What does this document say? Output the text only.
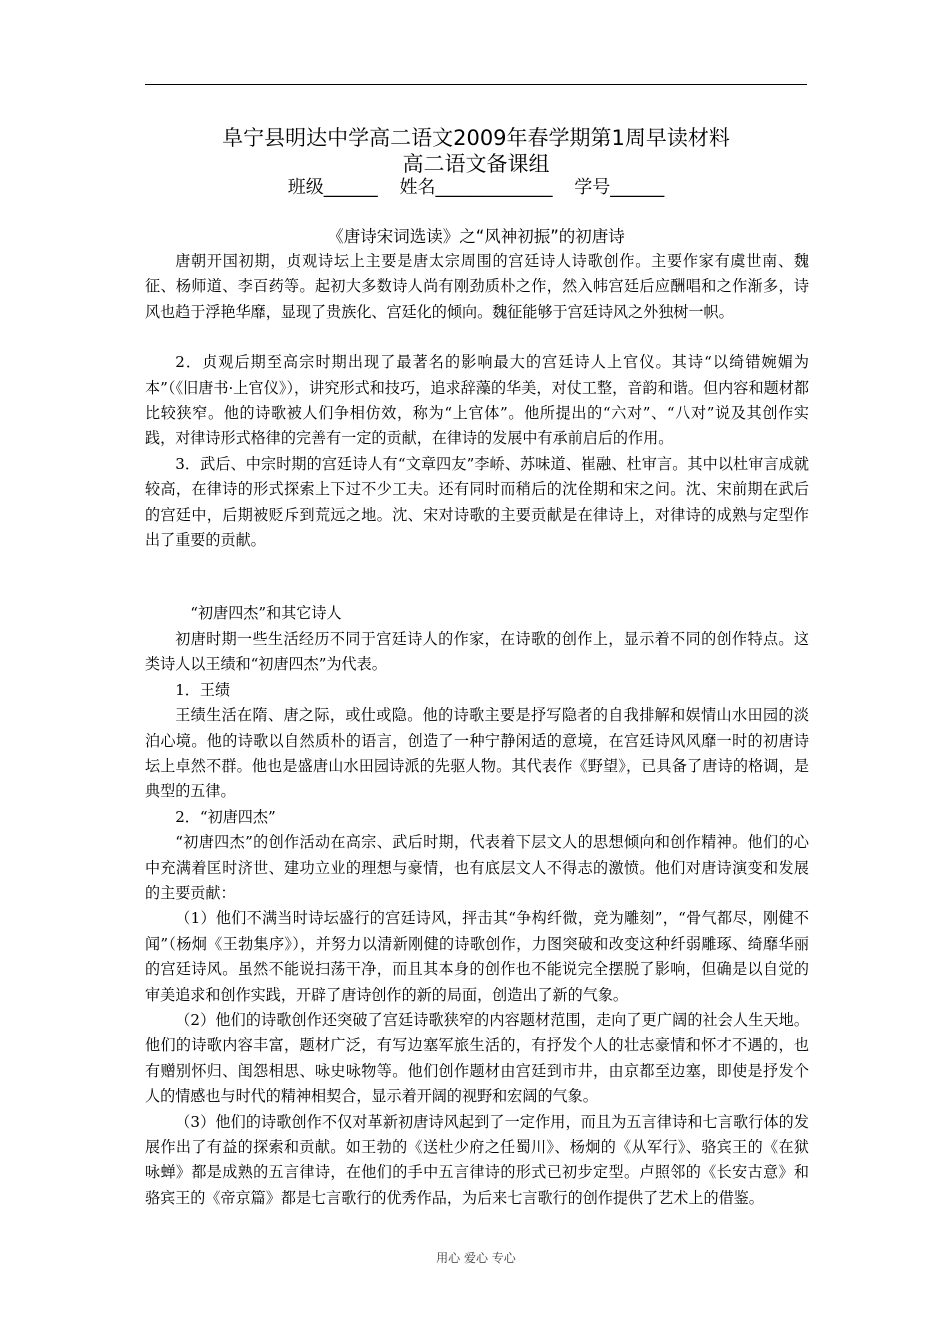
阜宁县明达中学高二语文2009年春学期第1周早读材料
高二语文备课组
班级______ 姓名_____________ 学号______
《唐诗宋词选读》之“风神初振”的初唐诗

唐朝开国初期，贞观诗坛上主要是唐太宗周围的宫廷诗人诗歌创作。主要作家有虞世南、魏征、杨师道、李百药等。起初大多数诗人尚有刚劲质朴之作，然入帏宫廷后应酬唱和之作渐多，诗风也趋于浮艳华靡，显现了贵族化、宫廷化的倾向。魏征能够于宫廷诗风之外独树一帜。

2．贞观后期至高宗时期出现了最著名的影响最大的宫廷诗人上官仪。其诗“以绮错婉媚为本”（《旧唐书·上官仪》），讲究形式和技巧，追求辞藻的华美，对仗工整，音韵和谐。但内容和题材都比较狭窄。他的诗歌被人们争相仿效，称为“上官体”。他所提出的“六对”、“八对”说及其创作实践，对律诗形式格律的完善有一定的贡献，在律诗的发展中有承前启后的作用。

3．武后、中宗时期的宫廷诗人有“文章四友”李峤、苏味道、崔融、杜审言。其中以杜审言成就较高，在律诗的形式探索上下过不少工夫。还有同时而稍后的沈佺期和宋之问。沈、宋前期在武后的宫廷中，后期被贬斥到荒远之地。沈、宋对诗歌的主要贡献是在律诗上，对律诗的成熟与定型作出了重要的贡献。

“初唐四杰”和其它诗人

初唐时期一些生活经历不同于宫廷诗人的作家，在诗歌的创作上，显示着不同的创作特点。这类诗人以王绩和“初唐四杰”为代表。

1．王绩

王绩生活在隋、唐之际，或仕或隐。他的诗歌主要是抒写隐者的自我排解和娱情山水田园的淡泊心境。他的诗歌以自然质朴的语言，创造了一种宁静闲适的意境，在宫廷诗风风靡一时的初唐诗坛上卓然不群。他也是盛唐山水田园诗派的先驱人物。其代表作《野望》，已具备了唐诗的格调，是典型的五律。

2．“初唐四杰”

“初唐四杰”的创作活动在高宗、武后时期，代表着下层文人的思想倾向和创作精神。他们的心中充满着匡时济世、建功立业的理想与豪情，也有底层文人不得志的激愤。他们对唐诗演变和发展的主要贡献：

（1）他们不满当时诗坛盛行的宫廷诗风，抨击其“争构纤微，竞为雕刻”，“骨气都尽，刚健不闻”（杨炯《王勃集序》），并努力以清新刚健的诗歌创作，力图突破和改变这种纤弱雕琢、绮靡华丽的宫廷诗风。虽然不能说扫荡干净，而且其本身的创作也不能说完全摆脱了影响，但确是以自觉的审美追求和创作实践，开辟了唐诗创作的新的局面，创造出了新的气象。

（2）他们的诗歌创作还突破了宫廷诗歌狭窄的内容题材范围，走向了更广阔的社会人生天地。他们的诗歌内容丰富，题材广泛，有写边塞军旅生活的，有抒发个人的壮志豪情和怀才不遇的，也有赠别怀归、闺怨相思、咏史咏物等。他们创作题材由宫廷到市井，由京都至边塞，即使是抒发个人的情感也与时代的精神相契合，显示着开阔的视野和宏阔的气象。

（3）他们的诗歌创作不仅对革新初唐诗风起到了一定作用，而且为五言律诗和七言歌行体的发展作出了有益的探索和贡献。如王勃的《送杜少府之任蜀川》、杨炯的《从军行》、骆宾王的《在狱咏蝉》都是成熟的五言律诗，在他们的手中五言律诗的形式已初步定型。卢照邻的《长安古意》和骆宾王的《帝京篇》都是七言歌行的优秀作品，为后来七言歌行的创作提供了艺术上的借鉴。

用心 爱心 专心
